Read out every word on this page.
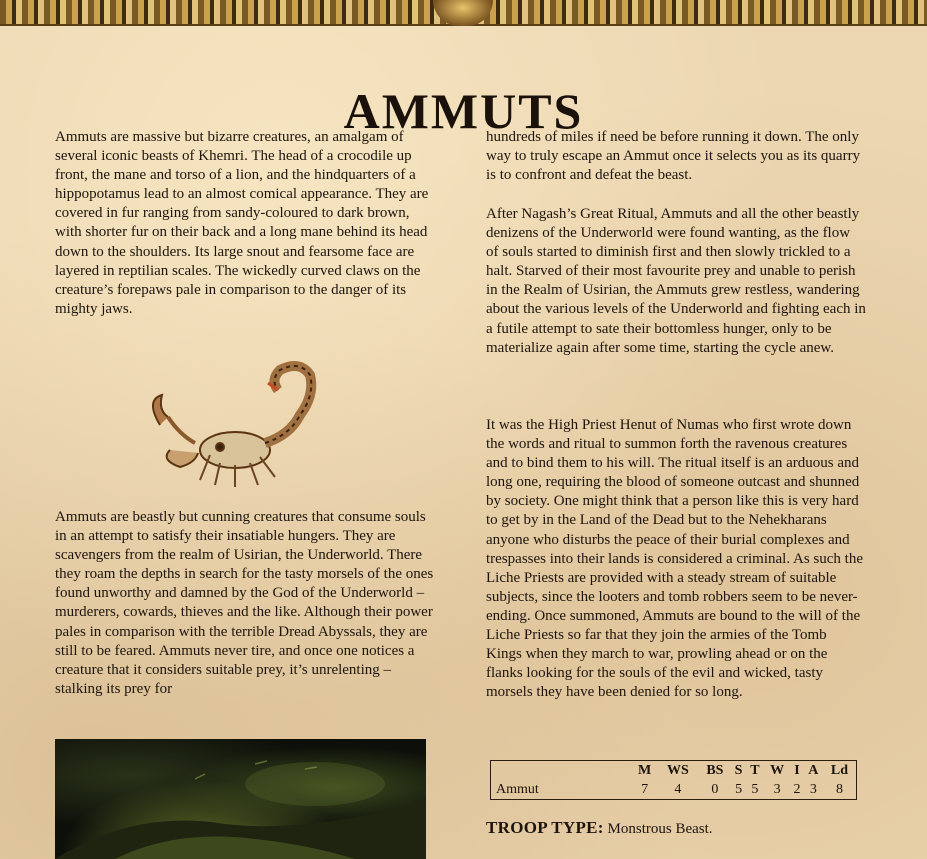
AMMUTS

Ammuts are massive but bizarre creatures, an amalgam of several iconic beasts of Khemri. The head of a crocodile up front, the mane and torso of a lion, and the hindquarters of a hippopotamus lead to an almost comical appearance. They are covered in fur ranging from sandy-coloured to dark brown, with shorter fur on their back and a long mane behind its head down to the shoulders. Its large snout and fearsome face are layered in reptilian scales. The wickedly curved claws on the creature’s forepaws pale in comparison to the danger of its mighty jaws.

Ammuts are beastly but cunning creatures that consume souls in an attempt to satisfy their insatiable hungers. They are scavengers from the realm of Usirian, the Underworld. There they roam the depths in search for the tasty morsels of the ones found unworthy and damned by the God of the Underworld – murderers, cowards, thieves and the like. Although their power pales in comparison with the terrible Dread Abyssals, they are still to be feared. Ammuts never tire, and once one notices a creature that it considers suitable prey, it’s unrelenting – stalking its prey for

hundreds of miles if need be before running it down. The only way to truly escape an Ammut once it selects you as its quarry is to confront and defeat the beast.

After Nagash’s Great Ritual, Ammuts and all the other beastly denizens of the Underworld were found wanting, as the flow of souls started to diminish first and then slowly trickled to a halt. Starved of their most favourite prey and unable to perish in the Realm of Usirian, the Ammuts grew restless, wandering about the various levels of the Underworld and fighting each in a futile attempt to sate their bottomless hunger, only to be materialize again after some time, starting the cycle anew.

It was the High Priest Henut of Numas who first wrote down the words and ritual to summon forth the ravenous creatures and to bind them to his will. The ritual itself is an arduous and long one, requiring the blood of someone outcast and shunned by society. One might think that a person like this is very hard to get by in the Land of the Dead but to the Nehekharans anyone who disturbs the peace of their burial complexes and trespasses into their lands is considered a criminal. As such the Liche Priests are provided with a steady stream of suitable subjects, since the looters and tomb robbers seem to be never-ending. Once summoned, Ammuts are bound to the will of the Liche Priests so far that they join the armies of the Tomb Kings when they march to war, prowling ahead or on the flanks looking for the souls of the evil and wicked, tasty morsels they have been denied for so long.

	M	WS	BS	S	T	W	I	A	Ld
Ammut	7	4	0	5	5	3	2	3	8

TROOP TYPE: Monstrous Beast.
